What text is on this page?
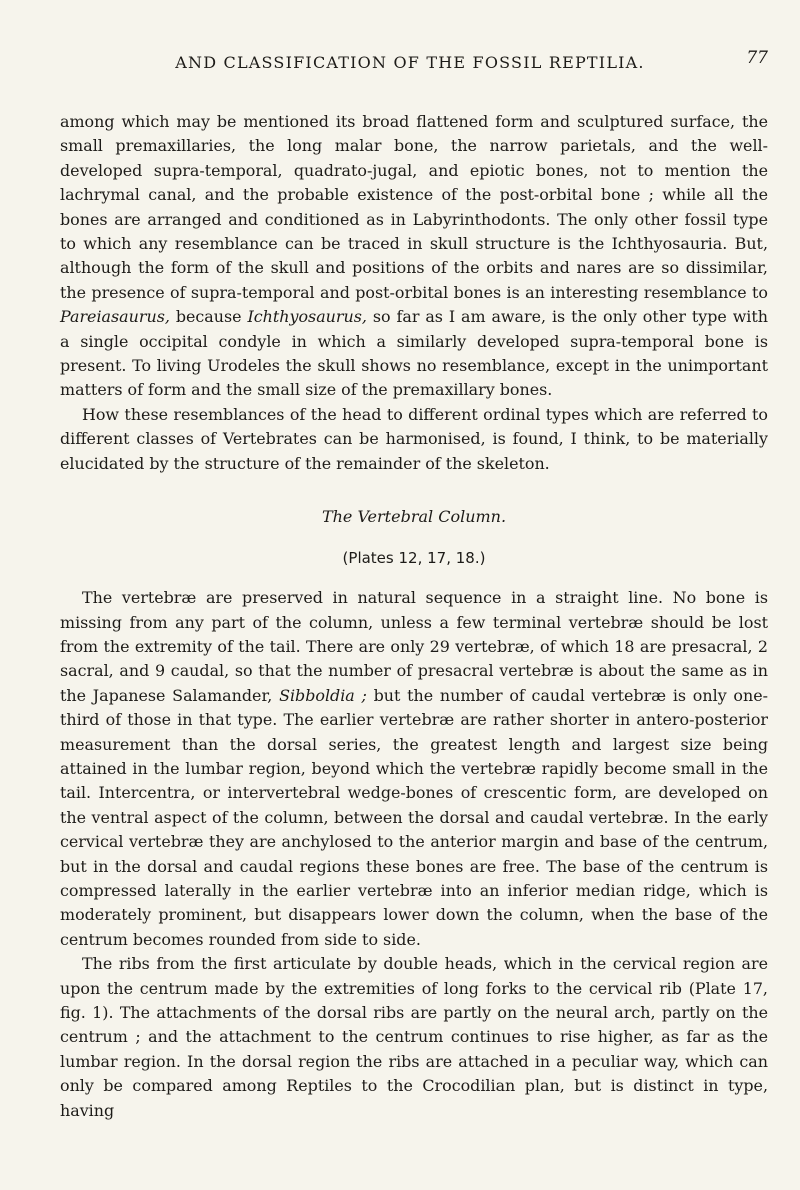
AND CLASSIFICATION OF THE FOSSIL REPTILIA.	77

among which may be mentioned its broad flattened form and sculptured surface, the small premaxillaries, the long malar bone, the narrow parietals, and the well-developed supra-temporal, quadrato-jugal, and epiotic bones, not to mention the lachrymal canal, and the probable existence of the post-orbital bone ; while all the bones are arranged and conditioned as in Labyrinthodonts. The only other fossil type to which any resemblance can be traced in skull structure is the Ichthyosauria. But, although the form of the skull and positions of the orbits and nares are so dissimilar, the presence of supra-temporal and post-orbital bones is an interesting resemblance to Pareiasaurus, because Ichthyosaurus, so far as I am aware, is the only other type with a single occipital condyle in which a similarly developed supra-temporal bone is present. To living Urodeles the skull shows no resemblance, except in the unimportant matters of form and the small size of the premaxillary bones.

How these resemblances of the head to different ordinal types which are referred to different classes of Vertebrates can be harmonised, is found, I think, to be materially elucidated by the structure of the remainder of the skeleton.

The Vertebral Column.
(Plates 12, 17, 18.)

The vertebræ are preserved in natural sequence in a straight line. No bone is missing from any part of the column, unless a few terminal vertebræ should be lost from the extremity of the tail. There are only 29 vertebræ, of which 18 are presacral, 2 sacral, and 9 caudal, so that the number of presacral vertebræ is about the same as in the Japanese Salamander, Sibboldia ; but the number of caudal vertebræ is only one-third of those in that type. The earlier vertebræ are rather shorter in antero-posterior measurement than the dorsal series, the greatest length and largest size being attained in the lumbar region, beyond which the vertebræ rapidly become small in the tail. Intercentra, or intervertebral wedge-bones of crescentic form, are developed on the ventral aspect of the column, between the dorsal and caudal vertebræ. In the early cervical vertebræ they are anchylosed to the anterior margin and base of the centrum, but in the dorsal and caudal regions these bones are free. The base of the centrum is compressed laterally in the earlier vertebræ into an inferior median ridge, which is moderately prominent, but disappears lower down the column, when the base of the centrum becomes rounded from side to side.

The ribs from the first articulate by double heads, which in the cervical region are upon the centrum made by the extremities of long forks to the cervical rib (Plate 17, fig. 1). The attachments of the dorsal ribs are partly on the neural arch, partly on the centrum ; and the attachment to the centrum continues to rise higher, as far as the lumbar region. In the dorsal region the ribs are attached in a peculiar way, which can only be compared among Reptiles to the Crocodilian plan, but is distinct in type, having
